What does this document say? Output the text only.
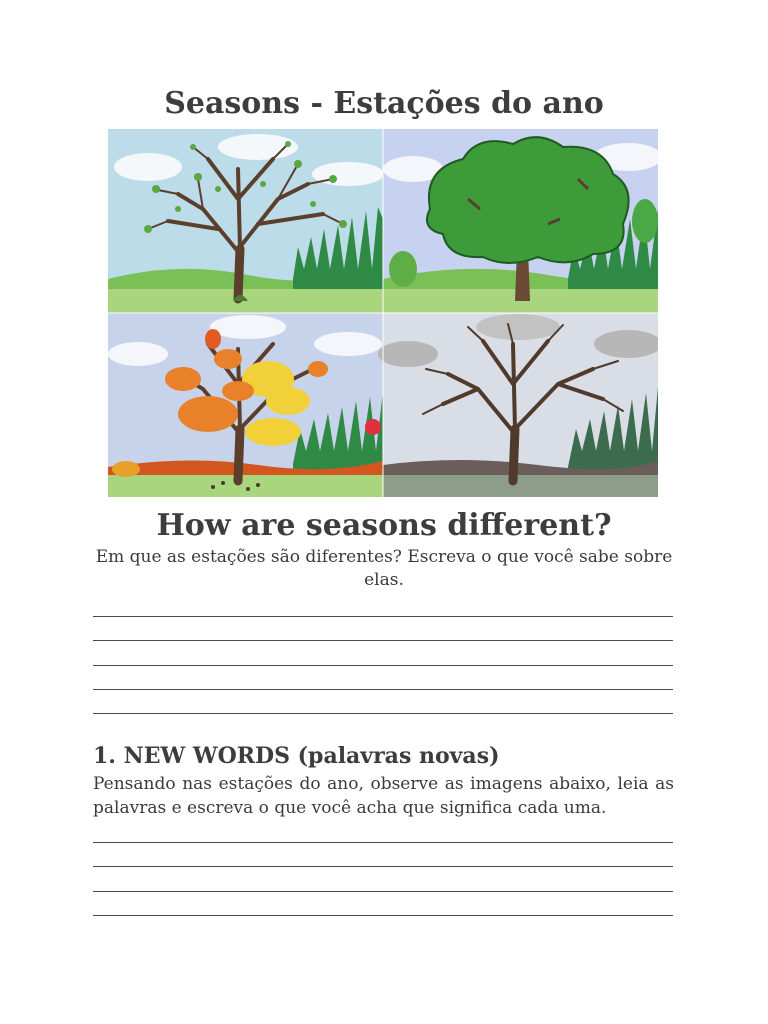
Seasons - Estações do ano
How are seasons different?

Em que as estações são diferentes? Escreva o que você sabe sobre elas.

1. NEW WORDS (palavras novas)

Pensando nas estações do ano, observe as imagens abaixo, leia as palavras e escreva o que você acha que significa cada uma.
